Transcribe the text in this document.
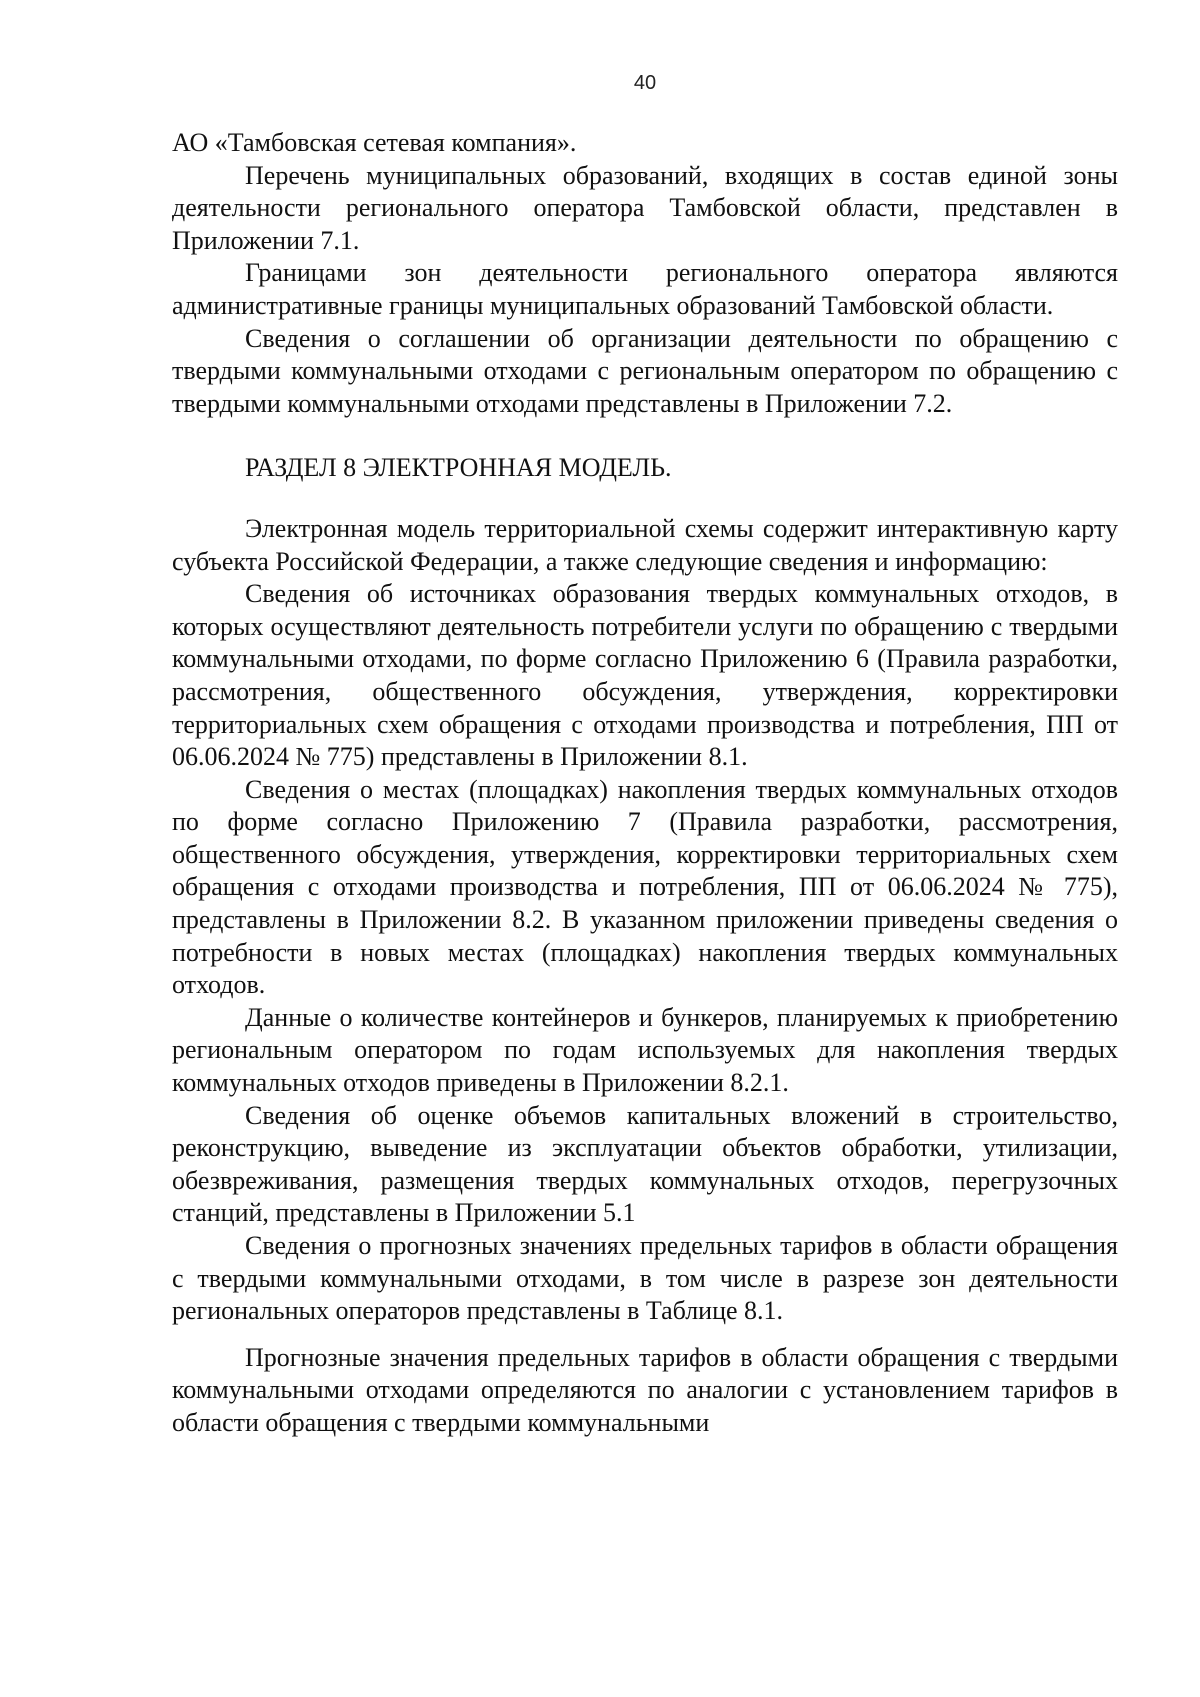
40

АО «Тамбовская сетевая компания».

Перечень муниципальных образований, входящих в состав единой зоны деятельности регионального оператора Тамбовской области, представлен в Приложении 7.1.

Границами зон деятельности регионального оператора являются административные границы муниципальных образований Тамбовской области.

Сведения о соглашении об организации деятельности по обращению с твердыми коммунальными отходами с региональным оператором по обращению с твердыми коммунальными отходами представлены в Приложении 7.2.

РАЗДЕЛ 8 ЭЛЕКТРОННАЯ МОДЕЛЬ.

Электронная модель территориальной схемы содержит интерактивную карту субъекта Российской Федерации, а также следующие сведения и информацию:

Сведения об источниках образования твердых коммунальных отходов, в которых осуществляют деятельность потребители услуги по обращению с твердыми коммунальными отходами, по форме согласно Приложению 6 (Правила разработки, рассмотрения, общественного обсуждения, утверждения, корректировки территориальных схем обращения с отходами производства и потребления, ПП от 06.06.2024 № 775) представлены в Приложении 8.1.

Сведения о местах (площадках) накопления твердых коммунальных отходов по форме согласно Приложению 7 (Правила разработки, рассмотрения, общественного обсуждения, утверждения, корректировки территориальных схем обращения с отходами производства и потребления, ПП от 06.06.2024 № 775), представлены в Приложении 8.2. В указанном приложении приведены сведения о потребности в новых местах (площадках) накопления твердых коммунальных отходов.

Данные о количестве контейнеров и бункеров, планируемых к приобретению региональным оператором по годам используемых для накопления твердых коммунальных отходов приведены в Приложении 8.2.1.

Сведения об оценке объемов капитальных вложений в строительство, реконструкцию, выведение из эксплуатации объектов обработки, утилизации, обезвреживания, размещения твердых коммунальных отходов, перегрузочных станций, представлены в Приложении 5.1

Сведения о прогнозных значениях предельных тарифов в области обращения с твердыми коммунальными отходами, в том числе в разрезе зон деятельности региональных операторов представлены в Таблице 8.1.

Прогнозные значения предельных тарифов в области обращения с твердыми коммунальными отходами определяются по аналогии с установлением тарифов в области обращения с твердыми коммунальными
